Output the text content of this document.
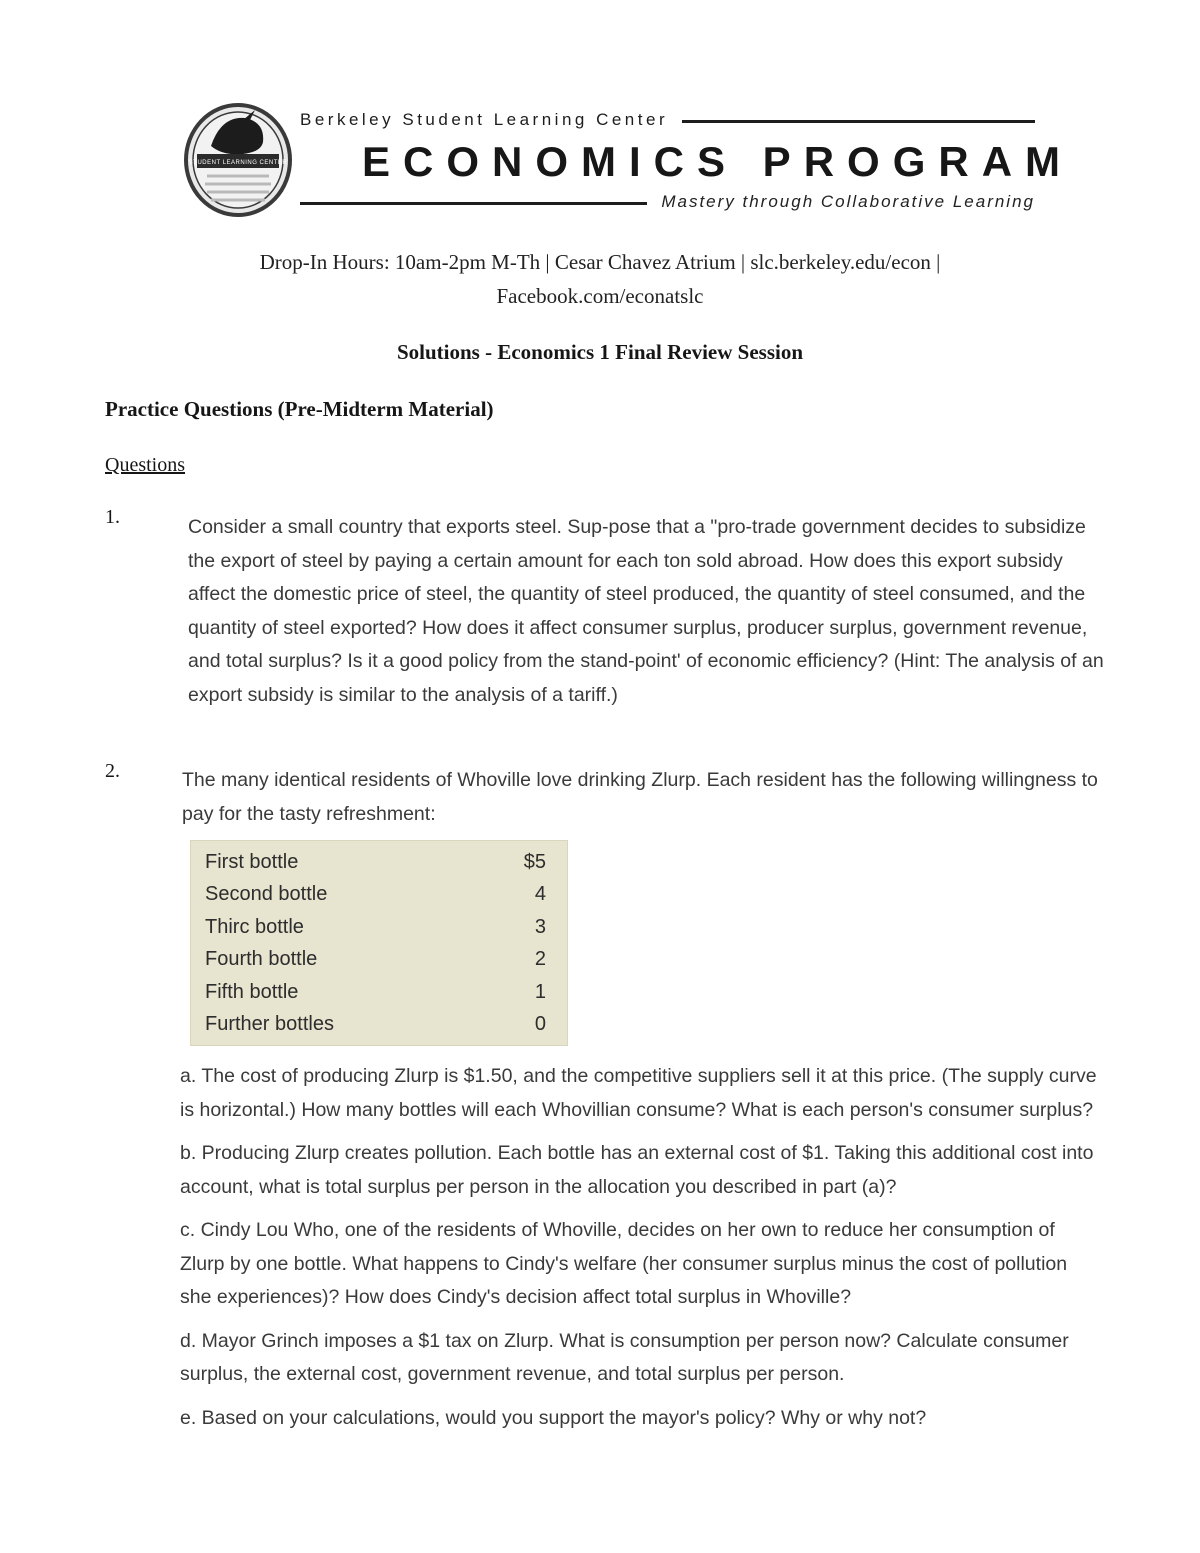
STUDENT LEARNING CENTER
Berkeley Student Learning Center
ECONOMICS PROGRAM
Mastery through Collaborative Learning
Drop-In Hours: 10am-2pm M-Th | Cesar Chavez Atrium | slc.berkeley.edu/econ |
Facebook.com/econatslc
Solutions - Economics 1 Final Review Session
Practice Questions (Pre-Midterm Material)
Questions
1.	Consider a small country that exports steel. Sup-pose that a "pro-trade government decides to subsidize the export of steel by paying a certain amount for each ton sold abroad. How does this export subsidy affect the domestic price of steel, the quantity of steel produced, the quantity of steel consumed, and the quantity of steel exported? How does it affect consumer surplus, producer surplus, government revenue, and total surplus? Is it a good policy from the stand-point' of economic efficiency? (Hint: The analysis of an export subsidy is similar to the analysis of a tariff.)
2.	The many identical residents of Whoville love drinking Zlurp. Each resident has the following willingness to pay for the tasty refreshment:
First bottle	$5
Second bottle	4
Thirc bottle	3
Fourth bottle	2
Fifth bottle	1
Further bottles	0

a. The cost of producing Zlurp is $1.50, and the competitive suppliers sell it at this price. (The supply curve is horizontal.) How many bottles will each Whovillian consume? What is each person's consumer surplus?

b. Producing Zlurp creates pollution. Each bottle has an external cost of $1. Taking this additional cost into account, what is total surplus per person in the allocation you described in part (a)?

c. Cindy Lou Who, one of the residents of Whoville, decides on her own to reduce her consumption of Zlurp by one bottle. What happens to Cindy's welfare (her consumer surplus minus the cost of pollution she experiences)? How does Cindy's decision affect total surplus in Whoville?

d. Mayor Grinch imposes a $1 tax on Zlurp. What is consumption per person now? Calculate consumer surplus, the external cost, government revenue, and total surplus per person.

e. Based on your calculations, would you support the mayor's policy? Why or why not?
